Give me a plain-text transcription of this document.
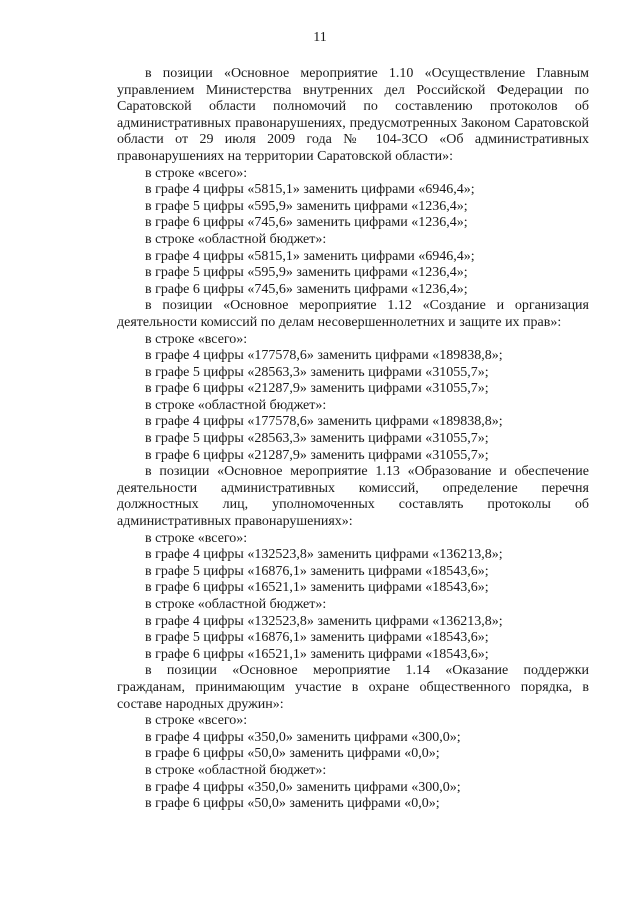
11

в позиции «Основное мероприятие 1.10 «Осуществление Главным управлением Министерства внутренних дел Российской Федерации по Саратовской области полномочий по составлению протоколов об административных правонарушениях, предусмотренных Законом Саратовской области от 29 июля 2009 года № 104-ЗСО «Об административных правонарушениях на территории Саратовской области»:

в строке «всего»:
в графе 4 цифры «5815,1» заменить цифрами «6946,4»;
в графе 5 цифры «595,9» заменить цифрами «1236,4»;
в графе 6 цифры «745,6» заменить цифрами «1236,4»;
в строке «областной бюджет»:
в графе 4 цифры «5815,1» заменить цифрами «6946,4»;
в графе 5 цифры «595,9» заменить цифрами «1236,4»;
в графе 6 цифры «745,6» заменить цифрами «1236,4»;

в позиции «Основное мероприятие 1.12 «Создание и организация деятельности комиссий по делам несовершеннолетних и защите их прав»:

в строке «всего»:
в графе 4 цифры «177578,6» заменить цифрами «189838,8»;
в графе 5 цифры «28563,3» заменить цифрами «31055,7»;
в графе 6 цифры «21287,9» заменить цифрами «31055,7»;
в строке «областной бюджет»:
в графе 4 цифры «177578,6» заменить цифрами «189838,8»;
в графе 5 цифры «28563,3» заменить цифрами «31055,7»;
в графе 6 цифры «21287,9» заменить цифрами «31055,7»;

в позиции «Основное мероприятие 1.13 «Образование и обеспечение деятельности административных комиссий, определение перечня должностных лиц, уполномоченных составлять протоколы об административных правонарушениях»:

в строке «всего»:
в графе 4 цифры «132523,8» заменить цифрами «136213,8»;
в графе 5 цифры «16876,1» заменить цифрами «18543,6»;
в графе 6 цифры «16521,1» заменить цифрами «18543,6»;
в строке «областной бюджет»:
в графе 4 цифры «132523,8» заменить цифрами «136213,8»;
в графе 5 цифры «16876,1» заменить цифрами «18543,6»;
в графе 6 цифры «16521,1» заменить цифрами «18543,6»;

в позиции «Основное мероприятие 1.14 «Оказание поддержки гражданам, принимающим участие в охране общественного порядка, в составе народных дружин»:

в строке «всего»:
в графе 4 цифры «350,0» заменить цифрами «300,0»;
в графе 6 цифры «50,0» заменить цифрами «0,0»;
в строке «областной бюджет»:
в графе 4 цифры «350,0» заменить цифрами «300,0»;
в графе 6 цифры «50,0» заменить цифрами «0,0»;
